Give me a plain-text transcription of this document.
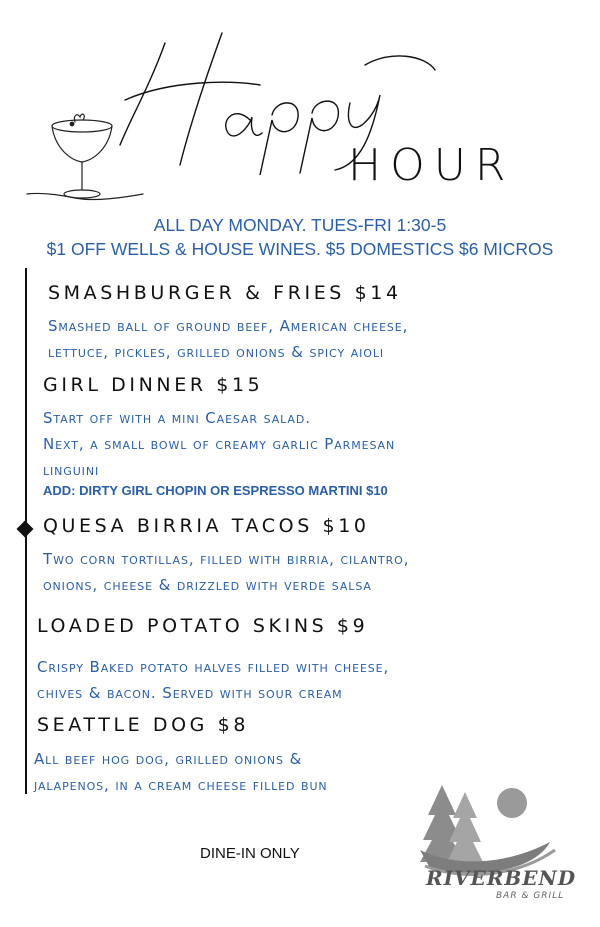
HOUR
ALL DAY MONDAY. TUES-FRI 1:30-5
$1 OFF WELLS & HOUSE WINES. $5 DOMESTICS $6 MICROS
SMASHBURGER & FRIES $14
Smashed ball of ground beef, American cheese,
lettuce, pickles, grilled onions & spicy aioli
GIRL DINNER $15
Start off with a mini Caesar salad.
Next, a small bowl of creamy garlic Parmesan
linguini
ADD: DIRTY GIRL CHOPIN OR ESPRESSO MARTINI $10
QUESA BIRRIA TACOS $10
Two corn tortillas, filled with birria, cilantro,
onions, cheese & drizzled with verde salsa
LOADED POTATO SKINS $9
Crispy Baked potato halves filled with cheese,
chives & bacon. Served with sour cream
SEATTLE DOG $8
All beef hog dog, grilled onions &
jalapenos, in a cream cheese filled bun
DINE-IN ONLY
RIVERBEND
BAR & GRILL
